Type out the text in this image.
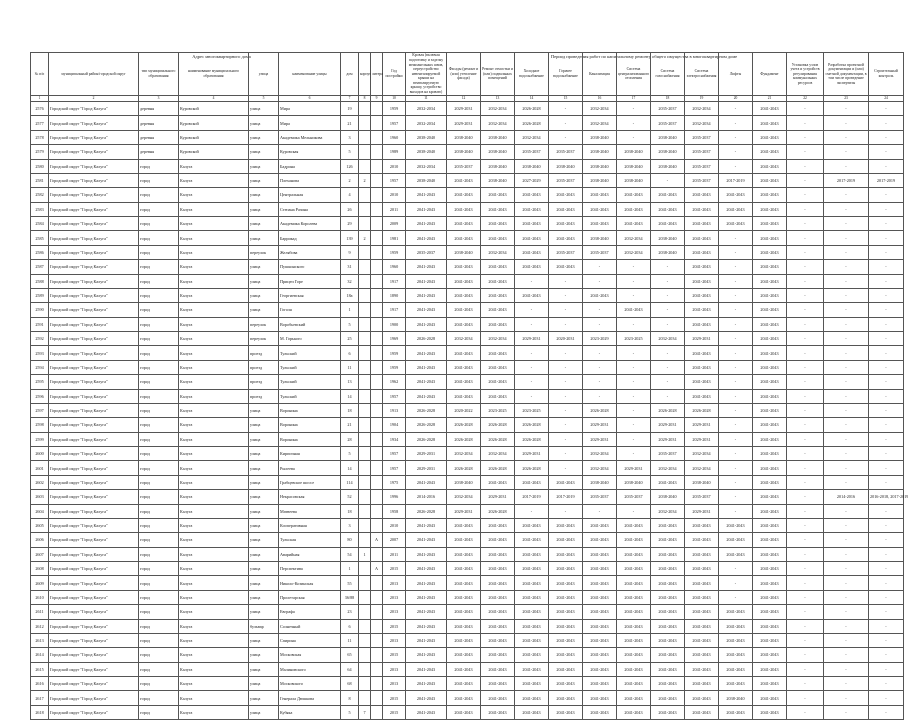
Адрес многоквартирного дома	Период проведения работ по капитальному ремонту общего имущества в многоквартирном доме
№ п/п	муниципальный район/городской округ	тип муниципального образования	наименование муниципального образования	улица	наименование улицы	дом	корпус	литера	Год постройки	Кровля (включая подготовку и заделку межпанельных швов, переустройство невентилируемой крыши на вентилируемую крышу, устройство выходов на кровлю)	Фасады (ремонт и (или) утепление фасада)	Ремонт отмостки и (или) подвальных помещений	Холодное водоснабжение	Горячее водоснабжение	Канализация	Система централизованного отопления	Система газоснабжения	Система электроснабжения	Лифты	Фундамент	Установка узлов учета и устройств регулирования коммунальных ресурсов	Разработка проектной документации и (или) сметной документации, в том числе проведение экспертизы	Строительный контроль
1	2	3	4	5	6	7	8	9	10	11	12	13	14	15	16	17	18	19	20	21	22	23	24
2576	Городской округ "Город Калуга"	деревня	Куровской	улица	Мира	19			1959	2032-2034	2029-2031	2032-2034	2026-2028	-	2032-2034	-	2035-2037	2032-2034	-	2041-2043	-	-	-
2577	Городской округ "Город Калуга"	деревня	Куровской	улица	Мира	21			1957	2032-2034	2029-2031	2032-2034	2026-2028	-	2032-2034	-	2035-2037	2032-2034	-	2041-2043	-	-	-
2578	Городской округ "Город Калуга"	деревня	Куровской	улица	Академика Мельникова	3			1960	2038-2040	2038-2040	2038-2040	2032-2034	-	2038-2040	-	2038-2040	2035-2037	-	2041-2043	-	-	-
2579	Городской округ "Город Калуга"	деревня	Куровской	улица	Куровская	5			1989	2038-2040	2038-2040	2038-2040	2035-2037	2035-2037	2038-2040	2038-2040	2038-2040	2035-2037	-	2041-2043	-	-	-
2580	Городской округ "Город Калуга"	город	Калуга	улица	Бадрина	126			2010	2032-2034	2035-2037	2038-2040	2038-2040	2038-2040	2038-2040	2038-2040	2038-2040	2035-2037	-	2041-2043	-	-	-
2581	Городской округ "Город Калуга"	город	Калуга	улица	Плеханова	2	2		1957	2038-2040	2041-2043	2038-2040	2027-2029	2035-2037	2038-2040	2038-2040	-	2035-2037	2017-2019	2041-2043	-	2017-2019	2017-2019
2582	Городской округ "Город Калуга"	город	Калуга	улица	Центральная	4			2010	2041-2043	2041-2043	2041-2043	2041-2043	2041-2043	2041-2043	2041-2043	2041-2043	2041-2043	2041-2043	2041-2043	-	-	-
2583	Городской округ "Город Калуга"	город	Калуга	улица	Степана Разина	26			2011	2041-2043	2041-2043	2041-2043	2041-2043	2041-2043	2041-2043	2041-2043	2041-2043	2041-2043	2041-2043	2041-2043	-	-	-
2584	Городской округ "Город Калуга"	город	Калуга	улица	Академика Королева	29			2009	2041-2043	2041-2043	2041-2043	2041-2043	2041-2043	2041-2043	2041-2043	2041-2043	2041-2043	2041-2043	2041-2043	-	-	-
2585	Городской округ "Город Калуга"	город	Калуга	улица	Баррикад	139	2		1981	2041-2043	2041-2043	2041-2043	2041-2043	2041-2043	2038-2040	2032-2034	2038-2040	2041-2043	-	2041-2043	-	-	-
2586	Городской округ "Город Калуга"	город	Калуга	переулок	Желябова	9			1959	2035-2037	2038-2040	2032-2034	2041-2043	2035-2037	2035-2037	2032-2034	2038-2040	2041-2043	-	2041-2043	-	-	-
2587	Городской округ "Город Калуга"	город	Калуга	улица	Пушкинского	31			1960	2041-2043	2041-2043	2041-2043	2041-2043	2041-2043	-	-	-	2041-2043	-	2041-2043	-	-	-
2588	Городской округ "Город Калуга"	город	Калуга	улица	Прицеп Горе	32			1917	2041-2043	2041-2043	2041-2043	-	-	-	-	-	2041-2043	-	2041-2043	-	-	-
2589	Городской округ "Город Калуга"	город	Калуга	улица	Георгиевская	18а			1890	2041-2043	2041-2043	2041-2043	2041-2043	-	2041-2043	-	-	2041-2043	-	2041-2043	-	-	-
2590	Городской округ "Город Калуга"	город	Калуга	улица	Гоголя	1			1917	2041-2043	2041-2043	2041-2043	-	-	-	2041-2043	-	2041-2043	-	2041-2043	-	-	-
2591	Городской округ "Город Калуга"	город	Калуга	переулок	Воробьевский	5			1900	2041-2043	2041-2043	2041-2043	-	-	-	-	-	2041-2043	-	2041-2043	-	-	-
2592	Городской округ "Город Калуга"	город	Калуга	переулок	М. Горького	25			1969	2026-2028	2032-2034	2032-2034	2029-2031	2020-2031	2023-2029	2023-2025	2032-2034	2029-2031	-	2041-2043	-	-	-
2593	Городской округ "Город Калуга"	город	Калуга	проезд	Тульский	6			1959	2041-2043	2041-2043	2041-2043	-	-	-	-	-	2041-2043	-	2041-2043	-	-	-
2594	Городской округ "Город Калуга"	город	Калуга	проезд	Тульский	11			1959	2041-2043	2041-2043	2041-2043	-	-	-	-	-	2041-2043	-	2041-2043	-	-	-
2595	Городской округ "Город Калуга"	город	Калуга	проезд	Тульский	13			1962	2041-2043	2041-2043	2041-2043	-	-	-	-	-	2041-2043	-	2041-2043	-	-	-
2596	Городской округ "Город Калуга"	город	Калуга	проезд	Тульский	14			1957	2041-2043	2041-2043	2041-2043	-	-	-	-	-	2041-2043	-	2041-2043	-	-	-
2597	Городской округ "Город Калуга"	город	Калуга	улица	Воронина	18			1913	2026-2028	2020-2022	2023-2025	2023-2025	-	2026-2028	-	2026-2028	2026-2028	-	2041-2043	-	-	-
2598	Городской округ "Город Калуга"	город	Калуга	улица	Воронина	21			1904	2026-2028	2026-2028	2026-2028	2026-2028	-	2029-2031	-	2029-2031	2029-2031	-	2041-2043	-	-	-
2599	Городской округ "Город Калуга"	город	Калуга	улица	Воронина	28			1934	2026-2028	2026-2028	2026-2028	2026-2028	-	2029-2031	-	2029-2031	2029-2031	-	2041-2043	-	-	-
2600	Городской округ "Город Калуга"	город	Калуга	улица	Кирпичная	5			1957	2029-2031	2032-2034	2032-2034	2029-2031	-	2032-2034	-	2035-2037	2032-2034	-	2041-2043	-	-	-
2601	Городской округ "Город Калуга"	город	Калуга	улица	Рылеева	14			1957	2029-2031	2026-2028	2026-2028	2026-2028	-	2032-2034	2029-2031	2032-2034	2032-2034	-	2041-2043	-	-	-
2602	Городской округ "Город Калуга"	город	Калуга	улица	Грабцевское шоссе	114			1975	2041-2043	2038-2040	2041-2043	2041-2043	2041-2043	2038-2040	2038-2040	2041-2043	2038-2040	-	2041-2043	-	-	-
2603	Городской округ "Город Калуга"	город	Калуга	улица	Некрасовская	52			1996	2014-2016	2032-2034	2029-2031	2017-2019	2017-2019	2035-2037	2035-2037	2038-2040	2035-2037	-	2041-2043	-	2014-2016	2016-2018, 2017-2019
2604	Городской округ "Город Калуга"	город	Калуга	улица	Матвеева	18			1958	2026-2028	2029-2031	2026-2028	-	-	-	-	2032-2034	2029-2031	-	2041-2043	-	-	-
2605	Городской округ "Город Калуга"	город	Калуга	улица	Кооперативная	3			2010	2041-2043	2041-2043	2041-2043	2041-2043	2041-2043	2041-2043	2041-2043	2041-2043	2041-2043	2041-2043	2041-2043	-	-	-
2606	Городской округ "Город Калуга"	город	Калуга	улица	Тульская	80		А	2007	2041-2043	2041-2043	2041-2043	2041-2043	2041-2043	2041-2043	2041-2043	2041-2043	2041-2043	2041-2043	2041-2043	-	-	-
2607	Городской округ "Город Калуга"	город	Калуга	улица	Аварийная	54	1		2011	2041-2043	2041-2043	2041-2043	2041-2043	2041-2043	2041-2043	2041-2043	2041-2043	2041-2043	2041-2043	2041-2043	-	-	-
2608	Городской округ "Город Калуга"	город	Калуга	улица	Перспектива	1		А	2015	2041-2043	2041-2043	2041-2043	2041-2043	2041-2043	2041-2043	2041-2043	2041-2043	2041-2043	-	2041-2043	-	-	-
2609	Городской округ "Город Калуга"	город	Калуга	улица	Николо-Козинская	55			2013	2041-2043	2041-2043	2041-2043	2041-2043	2041-2043	2041-2043	2041-2043	2041-2043	2041-2043	-	2041-2043	-	-	-
2610	Городской округ "Город Калуга"	город	Калуга	улица	Пролетарская	36/88			2013	2041-2043	2041-2043	2041-2043	2041-2043	2041-2043	2041-2043	2041-2043	2041-2043	2041-2043	-	2041-2043	-	-	-
2611	Городской округ "Город Калуга"	город	Калуга	улица	Евграфа	23			2013	2041-2043	2041-2043	2041-2043	2041-2043	2041-2043	2041-2043	2041-2043	2041-2043	2041-2043	2041-2043	2041-2043	-	-	-
2612	Городской округ "Город Калуга"	город	Калуга	бульвар	Солнечный	6			2015	2041-2043	2041-2043	2041-2043	2041-2043	2041-2043	2041-2043	2041-2043	2041-2043	2041-2043	2041-2043	2041-2043	-	-	-
2613	Городской округ "Город Калуга"	город	Калуга	улица	Спирина	11			2013	2041-2043	2041-2043	2041-2043	2041-2043	2041-2043	2041-2043	2041-2043	2041-2043	2041-2043	2041-2043	2041-2043	-	-	-
2614	Городской округ "Город Калуга"	город	Калуга	улица	Московская	65			2015	2041-2043	2041-2043	2041-2043	2041-2043	2041-2043	2041-2043	2041-2043	2041-2043	2041-2043	2041-2043	2041-2043	-	-	-
2615	Городской округ "Город Калуга"	город	Калуга	улица	Малиновского	64			2013	2041-2043	2041-2043	2041-2043	2041-2043	2041-2043	2041-2043	2041-2043	2041-2043	2041-2043	2041-2043	2041-2043	-	-	-
2616	Городской округ "Город Калуга"	город	Калуга	улица	Московского	68			2013	2041-2043	2041-2043	2041-2043	2041-2043	2041-2043	2041-2043	2041-2043	2041-2043	2041-2043	2041-2043	2041-2043	-	-	-
2617	Городской округ "Город Калуга"	город	Калуга	улица	Генерала Дюшкова	8			2015	2041-2043	2041-2043	2041-2043	2041-2043	2041-2043	2041-2043	2041-2043	2041-2043	2041-2043	2038-2040	2041-2043	-	-	-
2618	Городской округ "Город Калуга"	город	Калуга	улица	Кубяка	5	7		2015	2041-2043	2041-2043	2041-2043	2041-2043	2041-2043	2041-2043	2041-2043	2041-2043	2041-2043	2041-2043	2041-2043	-	-	-
